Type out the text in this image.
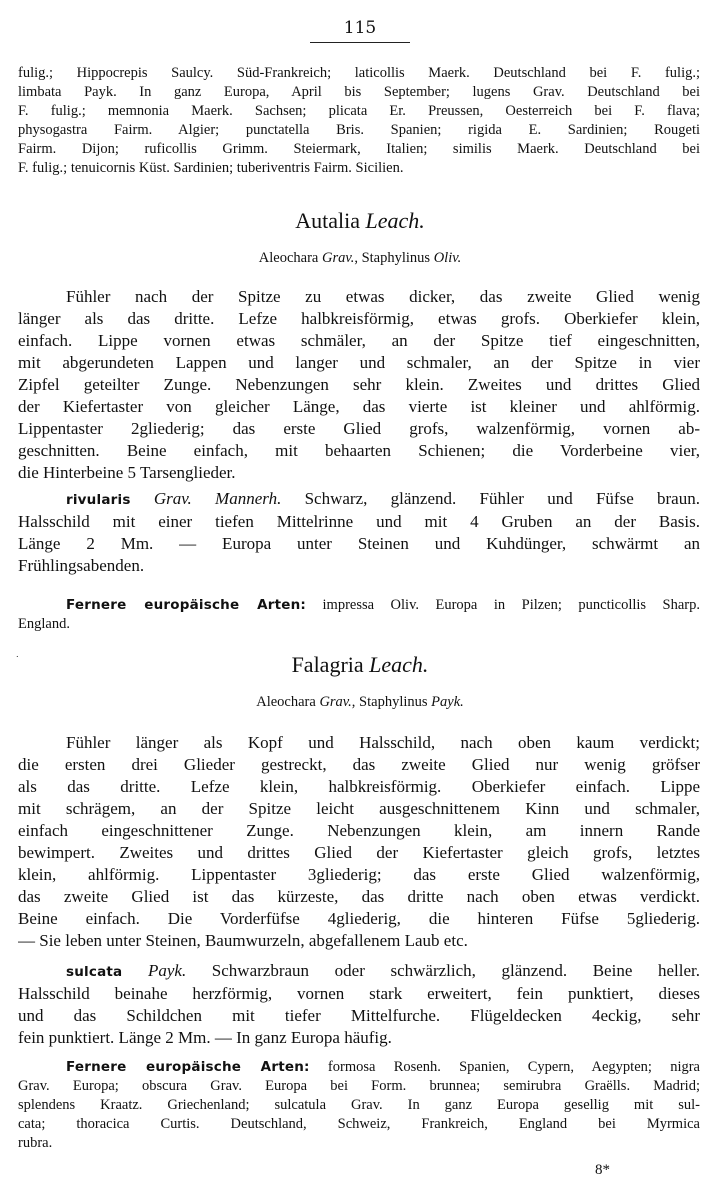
115
fulig.; Hippocrepis Saulcy. Süd-Frankreich; laticollis Maerk. Deutschland bei F. fulig.;
limbata Payk. In ganz Europa, April bis September; lugens Grav. Deutschland bei
F. fulig.; memnonia Maerk. Sachsen; plicata Er. Preussen, Oesterreich bei F. flava;
physogastra Fairm. Algier; punctatella Bris. Spanien; rigida E. Sardinien; Rougeti
Fairm. Dijon; ruficollis Grimm. Steiermark, Italien; similis Maerk. Deutschland bei
F. fulig.; tenuicornis Küst. Sardinien; tuberiventris Fairm. Sicilien.
Autalia Leach.
Aleochara Grav., Staphylinus Oliv.
Fühler nach der Spitze zu etwas dicker, das zweite Glied wenig
länger als das dritte. Lefze halbkreisförmig, etwas grofs. Oberkiefer klein,
einfach. Lippe vornen etwas schmäler, an der Spitze tief eingeschnitten,
mit abgerundeten Lappen und langer und schmaler, an der Spitze in vier
Zipfel geteilter Zunge. Nebenzungen sehr klein. Zweites und drittes Glied
der Kiefertaster von gleicher Länge, das vierte ist kleiner und ahlförmig.
Lippentaster 2gliederig; das erste Glied grofs, walzenförmig, vornen ab-
geschnitten. Beine einfach, mit behaarten Schienen; die Vorderbeine vier,
die Hinterbeine 5 Tarsenglieder.
rivularis Grav. Mannerh. Schwarz, glänzend. Fühler und Füfse braun.
Halsschild mit einer tiefen Mittelrinne und mit 4 Gruben an der Basis.
Länge 2 Mm. — Europa unter Steinen und Kuhdünger, schwärmt an
Frühlingsabenden.
Fernere europäische Arten: impressa Oliv. Europa in Pilzen; puncticollis Sharp.
England.
.	Falagria Leach.
Aleochara Grav., Staphylinus Payk.
Fühler länger als Kopf und Halsschild, nach oben kaum verdickt;
die ersten drei Glieder gestreckt, das zweite Glied nur wenig gröfser
als das dritte. Lefze klein, halbkreisförmig. Oberkiefer einfach. Lippe
mit schrägem, an der Spitze leicht ausgeschnittenem Kinn und schmaler,
einfach eingeschnittener Zunge. Nebenzungen klein, am innern Rande
bewimpert. Zweites und drittes Glied der Kiefertaster gleich grofs, letztes
klein, ahlförmig. Lippentaster 3gliederig; das erste Glied walzenförmig,
das zweite Glied ist das kürzeste, das dritte nach oben etwas verdickt.
Beine einfach. Die Vorderfüfse 4gliederig, die hinteren Füfse 5gliederig.
— Sie leben unter Steinen, Baumwurzeln, abgefallenem Laub etc.
sulcata Payk. Schwarzbraun oder schwärzlich, glänzend. Beine heller.
Halsschild beinahe herzförmig, vornen stark erweitert, fein punktiert, dieses
und das Schildchen mit tiefer Mittelfurche. Flügeldecken 4eckig, sehr
fein punktiert. Länge 2 Mm. — In ganz Europa häufig.
Fernere europäische Arten: formosa Rosenh. Spanien, Cypern, Aegypten; nigra
Grav. Europa; obscura Grav. Europa bei Form. brunnea; semirubra Graëlls. Madrid;
splendens Kraatz. Griechenland; sulcatula Grav. In ganz Europa gesellig mit sul-
cata; thoracica Curtis. Deutschland, Schweiz, Frankreich, England bei Myrmica
rubra.
8*
